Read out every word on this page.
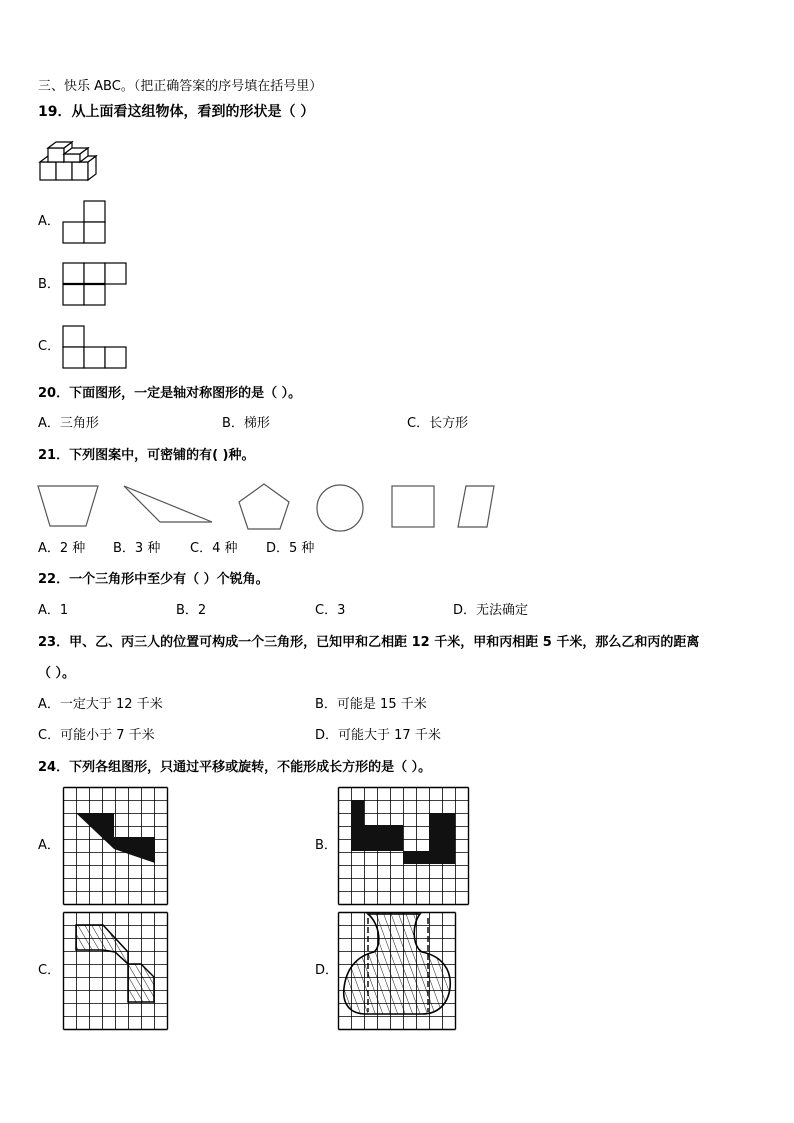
三、快乐 ABC。（把正确答案的序号填在括号里）
19．从上面看这组物体，看到的形状是（ ）
A．
B．
C．
20．下面图形，一定是轴对称图形的是（ ）。
A．三角形	B．梯形	C．长方形
21．下列图案中，可密铺的有( )种。
A．2 种 B．3 种 C．4 种 D．5 种
22．一个三角形中至少有（ ）个锐角。
A．1	B．2	C．3	D．无法确定
23．甲、乙、丙三人的位置可构成一个三角形，已知甲和乙相距 12 千米，甲和丙相距 5 千米，那么乙和丙的距离
（ ）。
A．一定大于 12 千米	B．可能是 15 千米
C．可能小于 7 千米	D．可能大于 17 千米
24．下列各组图形，只通过平移或旋转，不能形成长方形的是（ ）。
A．	B．
C．	D．
